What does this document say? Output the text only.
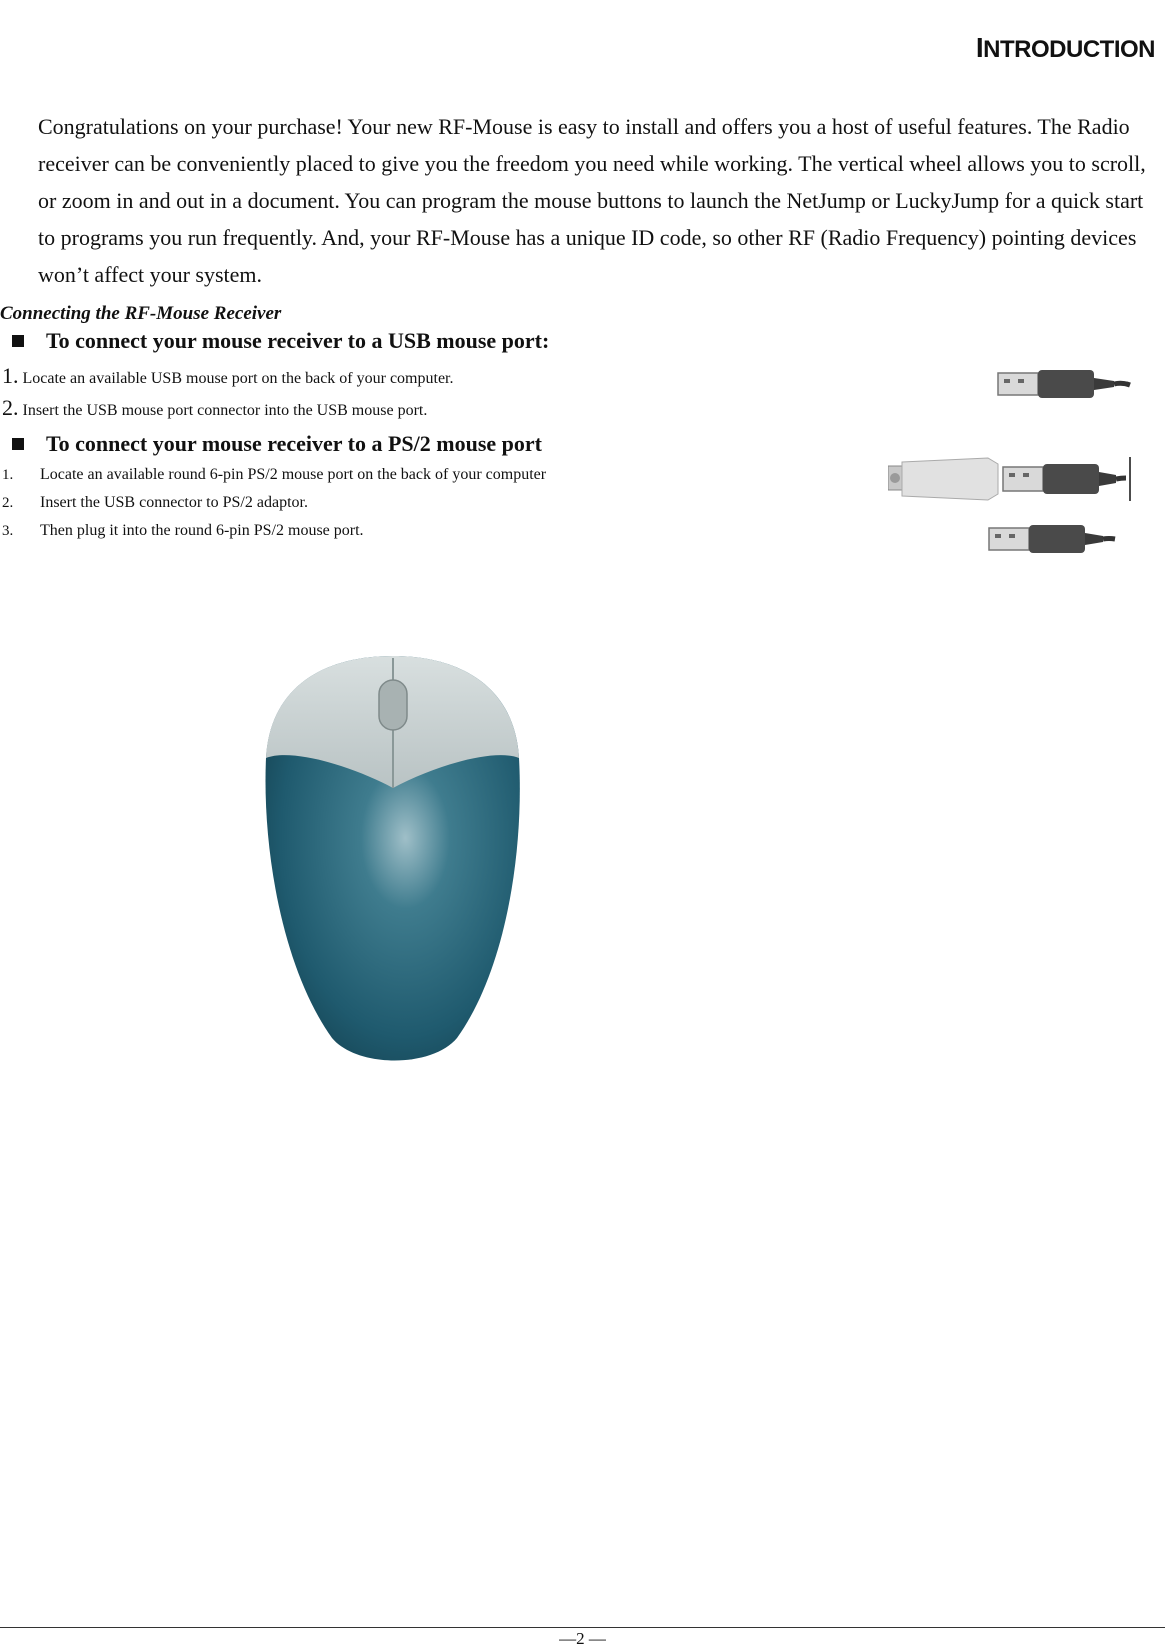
INTRODUCTION

Congratulations on your purchase! Your new RF-Mouse is easy to install and offers you a host of useful features. The Radio receiver can be conveniently placed to give you the freedom you need while working. The vertical wheel allows you to scroll, or zoom in and out in a document. You can program the mouse buttons to launch the NetJump or LuckyJump for a quick start to programs you run frequently. And, your RF-Mouse has a unique ID code, so other RF (Radio Frequency) pointing devices won’t affect your system.

Connecting the RF-Mouse Receiver

To connect your mouse receiver to a USB mouse port:

1. Locate an available USB mouse port on the back of your computer.

2. Insert the USB mouse port connector into the USB mouse port.

To connect your mouse receiver to a PS/2 mouse port

1. Locate an available round 6-pin PS/2 mouse port on the back of your computer

2. Insert the USB connector to PS/2 adaptor.

3. Then plug it into the round 6-pin PS/2 mouse port.

—2 —
